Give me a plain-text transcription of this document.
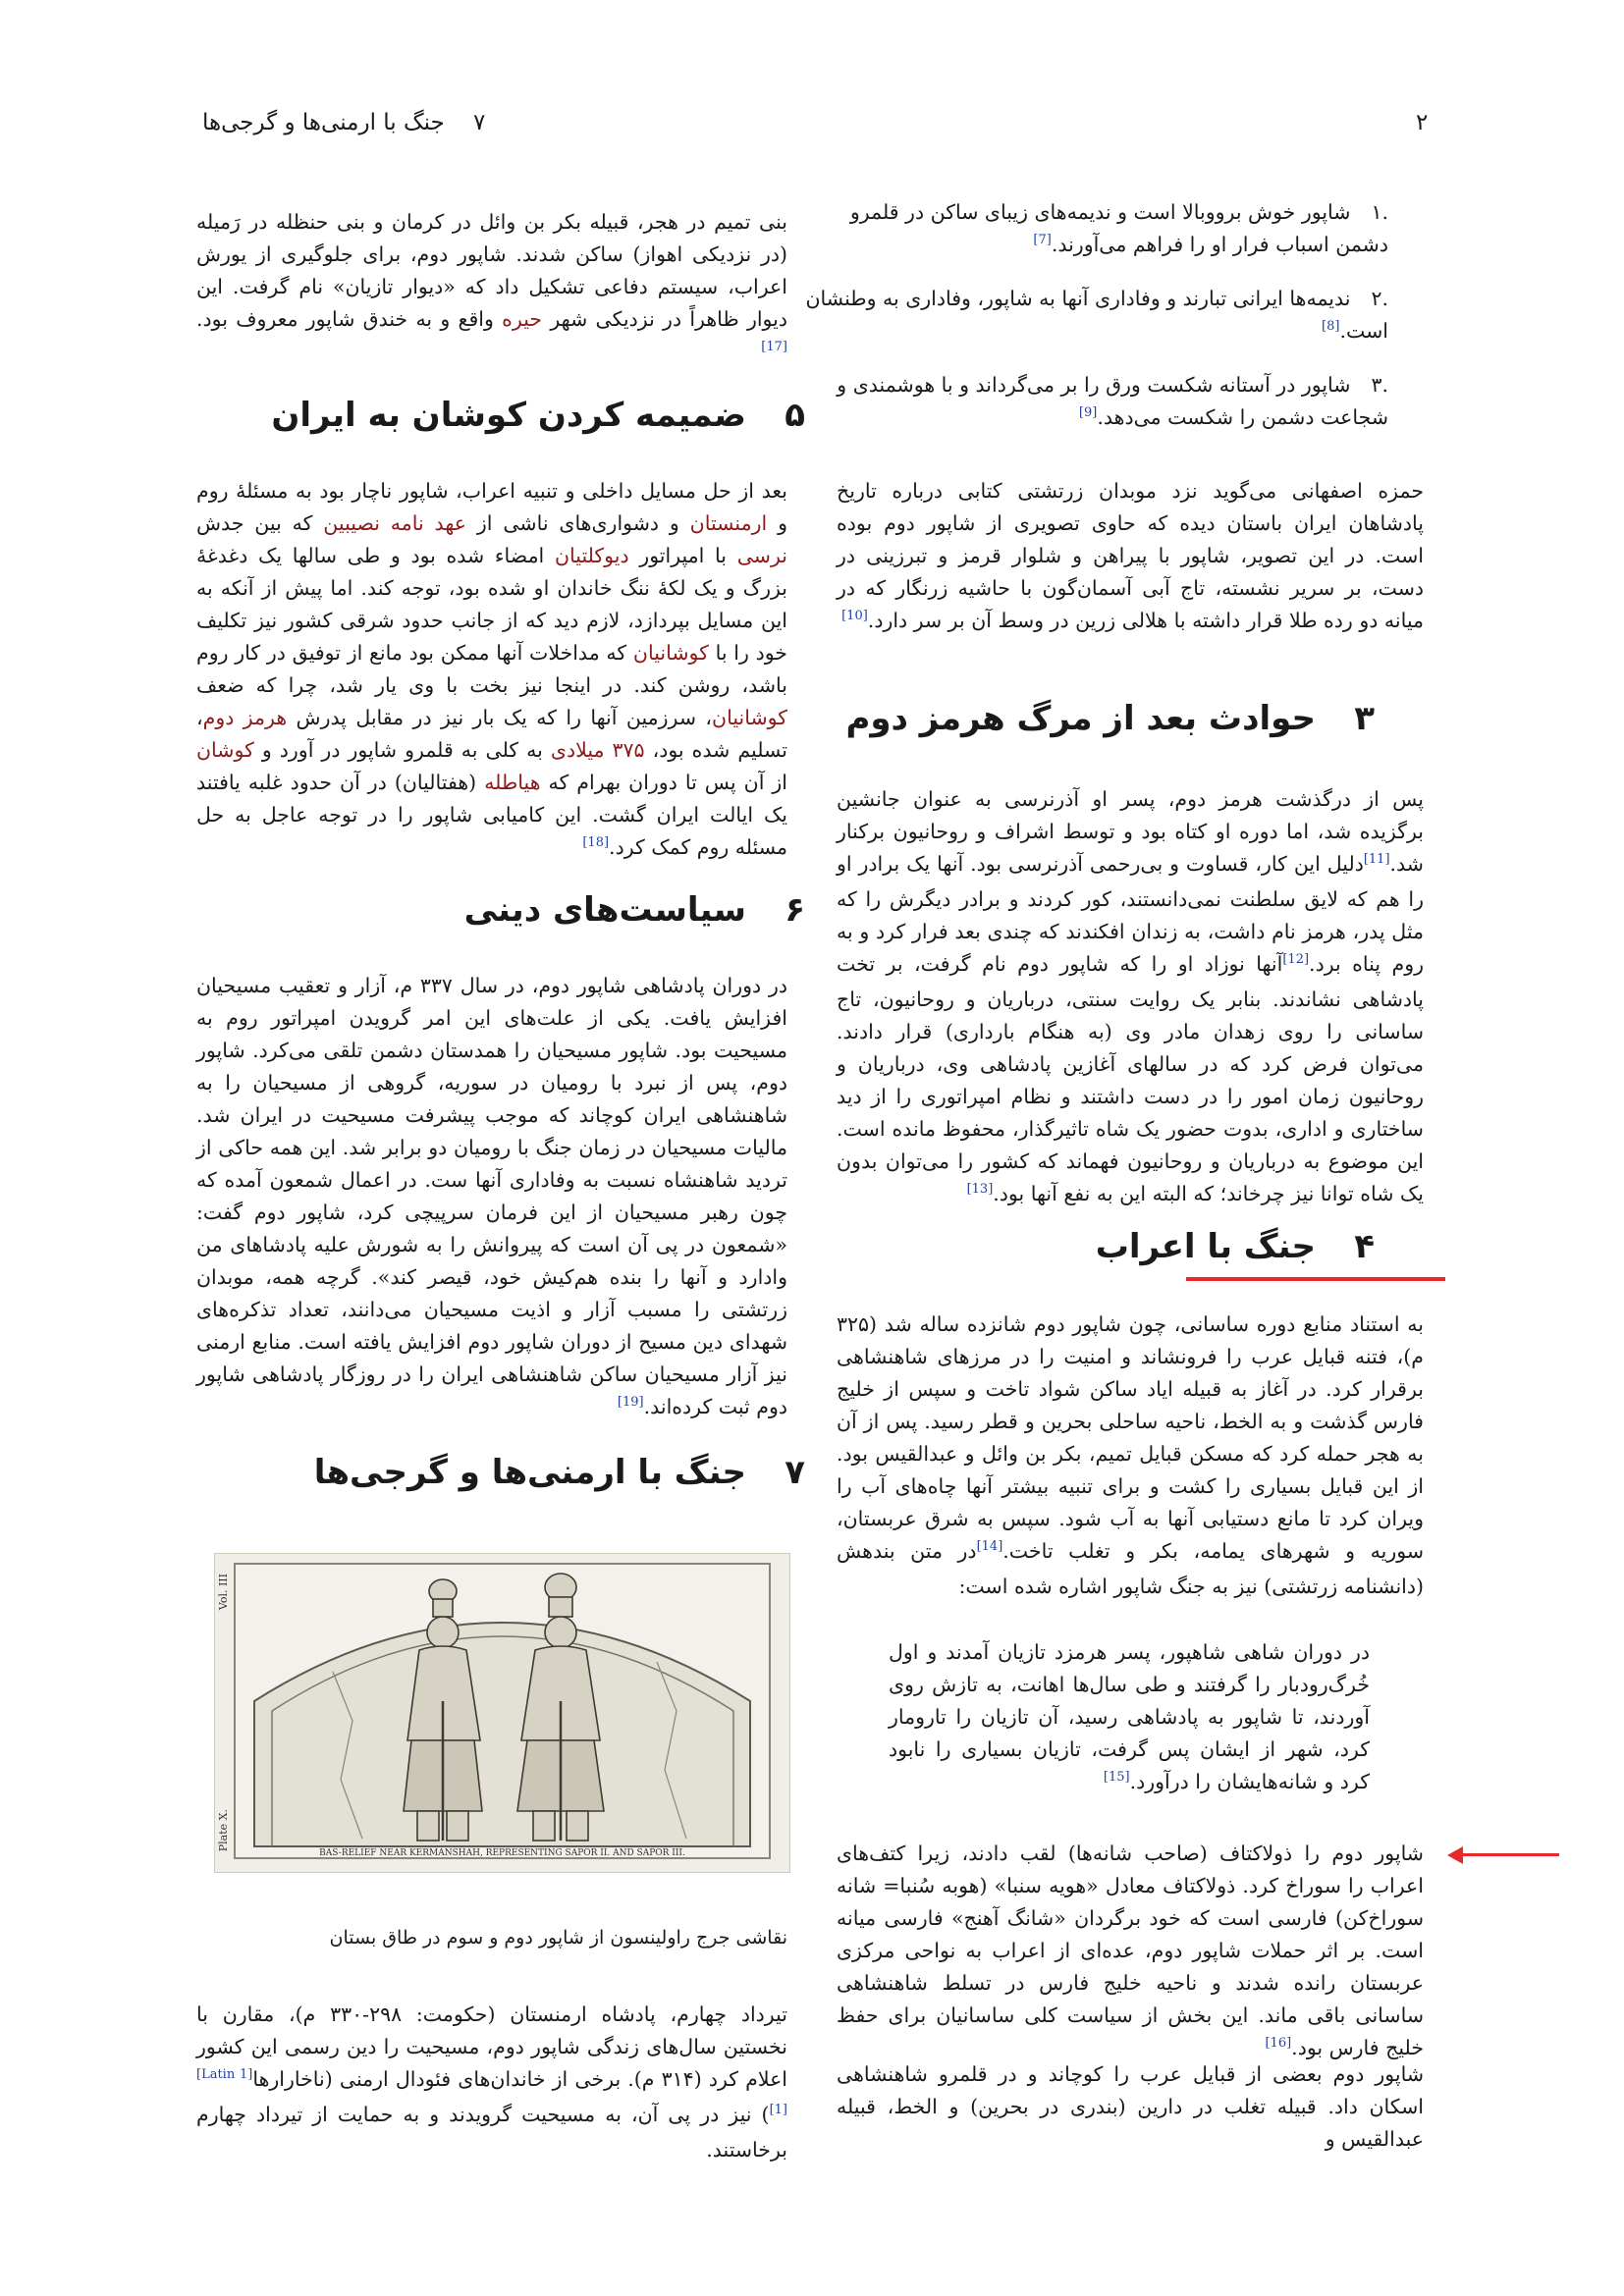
۲
۷ جنگ با ارمنی‌ها و گرجی‌ها
.۱ شاپور خوش برووبالا است و ندیمه‌های زیبای ساکن در قلمرو دشمن اسباب فرار او را فراهم می‌آورند.[7]
.۲ ندیمه‌ها ایرانی تبارند و وفاداری آنها به شاپور، وفاداری به وطنشان است.[8]
.۳ شاپور در آستانه شکست ورق را بر می‌گرداند و با هوشمندی و شجاعت دشمن را شکست می‌دهد.[9]

حمزه اصفهانی می‌گوید نزد موبدان زرتشتی کتابی درباره تاریخ پادشاهان ایران باستان دیده که حاوی تصویری از شاپور دوم بوده است. در این تصویر، شاپور با پیراهن و شلوار قرمز و تبرزینی در دست، بر سریر نشسته، تاج آبی آسمان‌گون با حاشیه زرنگار که در میانه دو رده طلا قرار داشته با هلالی زرین در وسط آن بر سر دارد.[10]

۳حوادث بعد از مرگ هرمز دوم

پس از درگذشت هرمز دوم، پسر او آذرنرسی به عنوان جانشین برگزیده شد، اما دوره او کتاه بود و توسط اشراف و روحانیون برکنار شد.[11]دلیل این کار، قساوت و بی‌رحمی آذرنرسی بود. آنها یک برادر او را هم که لایق سلطنت نمی‌دانستند، کور کردند و برادر دیگرش را که مثل پدر، هرمز نام داشت، به زندان افکندند که چندی بعد فرار کرد و به روم پناه برد.[12]آنها نوزاد او را که شاپور دوم نام گرفت، بر تخت پادشاهی نشاندند. بنابر یک روایت سنتی، درباریان و روحانیون، تاج ساسانی را روی زهدان مادر وی (به هنگام بارداری) قرار دادند. می‌توان فرض کرد که در سالهای آغازین پادشاهی وی، درباریان و روحانیون زمان امور را در دست داشتند و نظام امپراتوری را از دید ساختاری و اداری، بدوت حضور یک شاه تاثیرگذار، محفوظ مانده است. این موضوع به درباریان و روحانیون فهماند که کشور را می‌توان بدون یک شاه توانا نیز چرخاند؛ که البته این به نفع آنها بود.[13]

۴جنگ با اعراب

به استناد منابع دوره ساسانی، چون شاپور دوم شانزده ساله شد (۳۲۵ م)، فتنه قبایل عرب را فرونشاند و امنیت را در مرزهای شاهنشاهی برقرار کرد. در آغاز به قبیله ایاد ساکن شواد تاخت و سپس از خلیج فارس گذشت و به الخط، ناحیه ساحلی بحرین و قطر رسید. پس از آن به هجر حمله کرد که مسکن قبایل تمیم، بکر بن وائل و عبدالقیس بود. از این قبایل بسیاری را کشت و برای تنبیه بیشتر آنها چاه‌های آب را ویران کرد تا مانع دستیابی آنها به آب شود. سپس به شرق عربستان، سوریه و شهرهای یمامه، بکر و تغلب تاخت.[14]در متن بندهش (دانشنامه زرتشتی) نیز به جنگ شاپور اشاره شده است:

در دوران شاهی شاهپور، پسر هرمزد تازیان آمدند و اول خُرگ‌رودبار را گرفتند و طی سال‌ها اهانت، به تازش روی آوردند، تا شاپور به پادشاهی رسید، آن تازیان را تارومار کرد، شهر از ایشان پس گرفت، تازیان بسیاری را نابود کرد و شانه‌هایشان را درآورد.[15]

شاپور دوم را ذولاکتاف (صاحب شانه‌ها) لقب دادند، زیرا کتف‌های اعراب را سوراخ کرد. ذولاکتاف معادل «هویه سنبا» (هوبه سُنبا= شانه سوراخ‌کن) فارسی است که خود برگردان «شانگ آهنج» فارسی میانه است. بر اثر حملات شاپور دوم، عده‌ای از اعراب به نواحی مرکزی عربستان رانده شدند و ناحیه خلیج فارس در تسلط شاهنشاهی ساسانی باقی ماند. این بخش از سیاست کلی ساسانیان برای حفظ خلیج فارس بود.[16]

شاپور دوم بعضی از قبایل عرب را کوچاند و در قلمرو شاهنشاهی اسکان داد. قبیله تغلب در دارین (بندری در بحرین) و الخط، قبیله عبدالقیس و

بنی تمیم در هجر، قبیله بکر بن وائل در کرمان و بنی حنظله در رَمیله (در نزدیکی اهواز) ساکن شدند. شاپور دوم، برای جلوگیری از یورش اعراب، سیستم دفاعی تشکیل داد که «دیوار تازیان» نام گرفت. این دیوار ظاهراً در نزدیکی شهر حیره واقع و به خندق شاپور معروف بود.[17]

۵ضمیمه کردن کوشان به ایران

بعد از حل مسایل داخلی و تنبیه اعراب، شاپور ناچار بود به مسئلهٔ روم و ارمنستان و دشواری‌های ناشی از عهد نامه نصیبین که بین جدش نرسی با امپراتور دیوکلتیان امضاء شده بود و طی سالها یک دغدغهٔ بزرگ و یک لکهٔ ننگ خاندان او شده بود، توجه کند. اما پیش از آنکه به این مسایل بپردازد، لازم دید که از جانب حدود شرقی کشور نیز تکلیف خود را با کوشانیان که مداخلات آنها ممکن بود مانع از توفیق در کار روم باشد، روشن کند. در اینجا نیز بخت با وی یار شد، چرا که ضعف کوشانیان، سرزمین آنها را که یک بار نیز در مقابل پدرش هرمز دوم، تسلیم شده بود، ۳۷۵ میلادی به کلی به قلمرو شاپور در آورد و کوشان از آن پس تا دوران بهرام که هیاطله (هفتالیان) در آن حدود غلبه یافتند یک ایالت ایران گشت. این کامیابی شاپور را در توجه عاجل به حل مسئله روم کمک کرد.[18]

۶سیاست‌های دینی

در دوران پادشاهی شاپور دوم، در سال ۳۳۷ م، آزار و تعقیب مسیحیان افزایش یافت. یکی از علت‌های این امر گرویدن امپراتور روم به مسیحیت بود. شاپور مسیحیان را همدستان دشمن تلقی می‌کرد. شاپور دوم، پس از نبرد با رومیان در سوریه، گروهی از مسیحیان را به شاهنشاهی ایران کوچاند که موجب پیشرفت مسیحیت در ایران شد. مالیات مسیحیان در زمان جنگ با رومیان دو برابر شد. این همه حاکی از تردید شاهنشاه نسبت به وفاداری آنها ست. در اعمال شمعون آمده که چون رهبر مسیحیان از این فرمان سرپیچی کرد، شاپور دوم گفت: «شمعون در پی آن است که پیروانش را به شورش علیه پادشاهای من وادارد و آنها را بنده هم‌کیش خود، قیصر کند». گرچه همه، موبدان زرتشتی را مسبب آزار و اذیت مسیحیان می‌دانند، تعداد تذکره‌های شهدای دین مسیح از دوران شاپور دوم افزایش یافته است. منابع ارمنی نیز آزار مسیحیان ساکن شاهنشاهی ایران را در روزگار پادشاهی شاپور دوم ثبت کرده‌اند.[19]

۷جنگ با ارمنی‌ها و گرجی‌ها
Vol. III
Plate X.
BAS-RELIEF NEAR KERMANSHAH, REPRESENTING SAPOR II. AND SAPOR III.
نقاشی جرج راولینسون از شاپور دوم و سوم در طاق بستان

تیرداد چهارم، پادشاه ارمنستان (حکومت: ۲۹۸-۳۳۰ م)، مقارن با نخستین سال‌های زندگی شاپور دوم، مسیحیت را دین رسمی این کشور اعلام کرد (۳۱۴ م). برخی از خاندان‌های فئودال ارمنی (ناخارارها[Latin 1][1]) نیز در پی آن، به مسیحیت گرویدند و به حمایت از تیرداد چهارم برخاستند.
